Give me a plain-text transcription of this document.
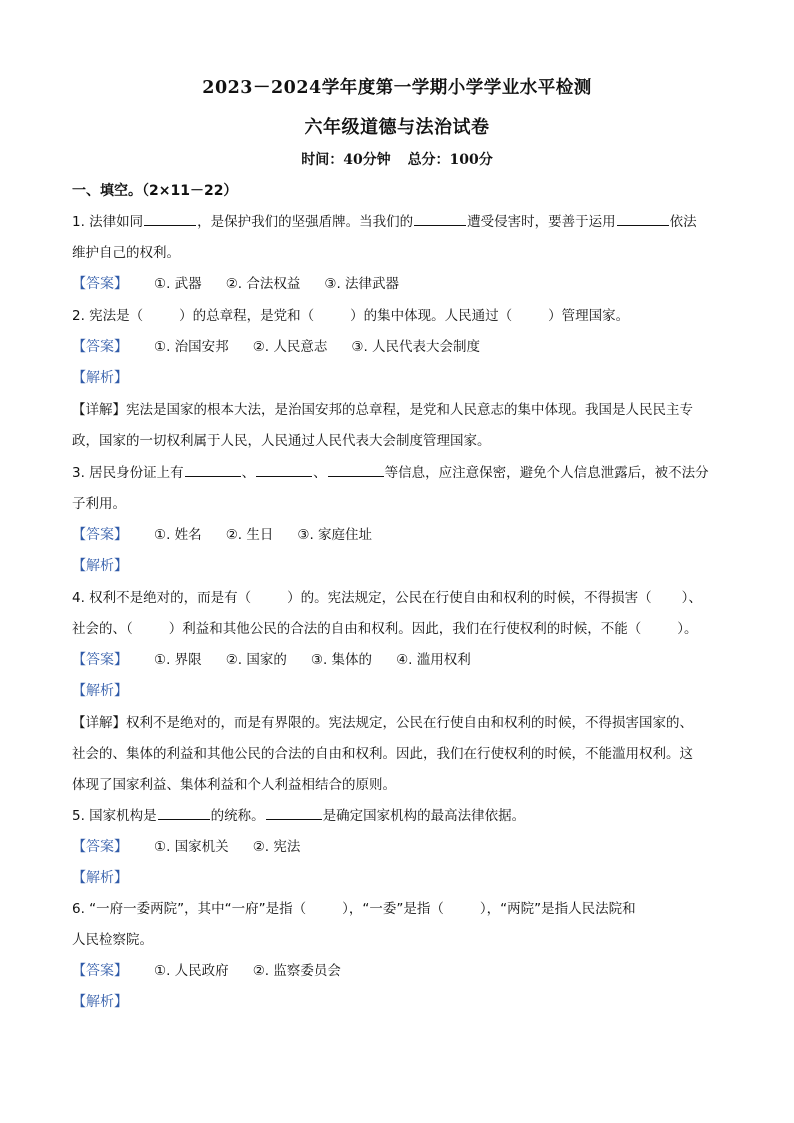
2023－2024学年度第一学期小学学业水平检测
六年级道德与法治试卷
时间：40分钟 总分：100分
一、填空。（2×11－22）
1. 法律如同	，是保护我们的坚强盾牌。当我们的	遭受侵害时，要善于运用	依法
维护自己的权利。
【答案】 ①. 武器 ②. 合法权益 ③. 法律武器
2. 宪法是（	）的总章程，是党和（	）的集中体现。人民通过（	）管理国家。
【答案】 ①. 治国安邦 ②. 人民意志 ③. 人民代表大会制度
【解析】
【详解】宪法是国家的根本大法，是治国安邦的总章程，是党和人民意志的集中体现。我国是人民民主专
政，国家的一切权利属于人民，人民通过人民代表大会制度管理国家。
3. 居民身份证上有	、	、	等信息，应注意保密，避免个人信息泄露后，被不法分
子利用。
【答案】 ①. 姓名 ②. 生日 ③. 家庭住址
【解析】
4. 权利不是绝对的，而是有（	）的。宪法规定，公民在行使自由和权利的时候，不得损害（ ）、
社会的、（	）利益和其他公民的合法的自由和权利。因此，我们在行使权利的时候，不能（	）。
【答案】 ①. 界限 ②. 国家的 ③. 集体的 ④. 滥用权利
【解析】
【详解】权利不是绝对的，而是有界限的。宪法规定，公民在行使自由和权利的时候，不得损害国家的、
社会的、集体的利益和其他公民的合法的自由和权利。因此，我们在行使权利的时候，不能滥用权利。这
体现了国家利益、集体利益和个人利益相结合的原则。
5. 国家机构是	的统称。	是确定国家机构的最高法律依据。
【答案】 ①. 国家机关 ②. 宪法
【解析】
6. “一府一委两院”，其中“一府”是指（	），“一委”是指（	），“两院”是指人民法院和
人民检察院。
【答案】 ①. 人民政府 ②. 监察委员会
【解析】
